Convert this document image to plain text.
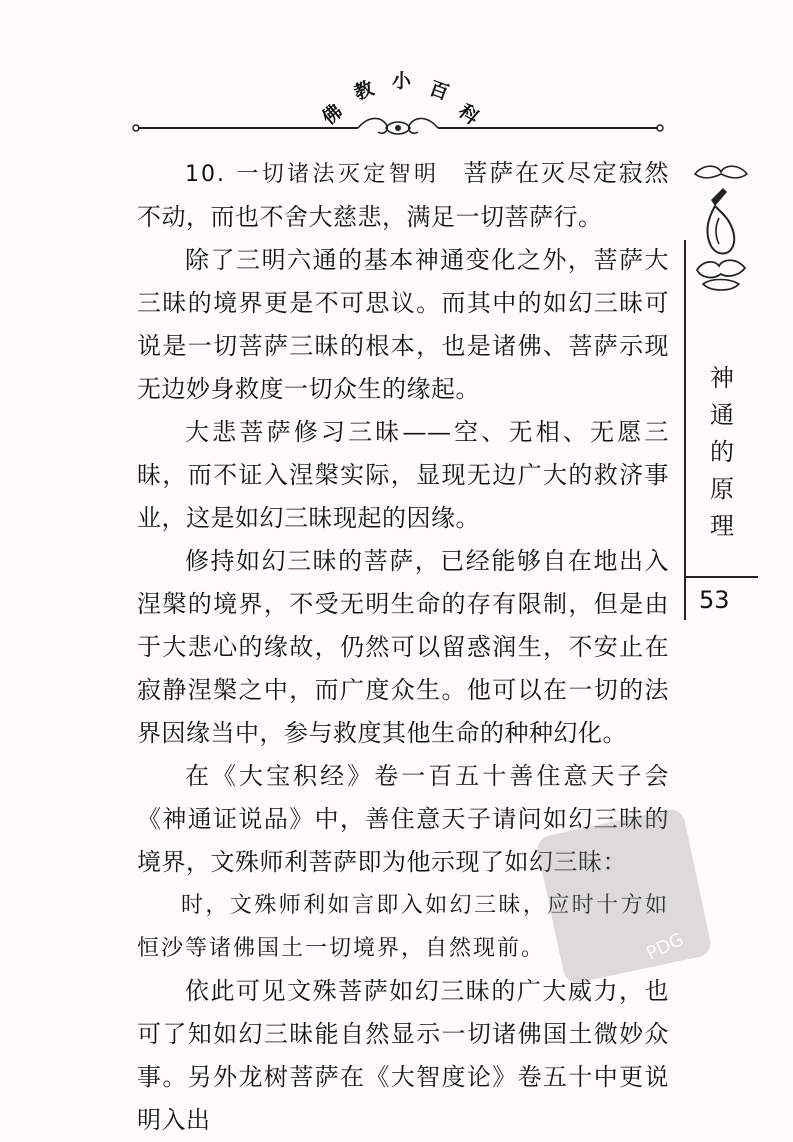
佛
教 小 百
科

10. 一切诸法灭定智明 菩萨在灭尽定寂然不动，而也不舍大慈悲，满足一切菩萨行。

除了三明六通的基本神通变化之外，菩萨大三昧的境界更是不可思议。而其中的如幻三昧可说是一切菩萨三昧的根本，也是诸佛、菩萨示现无边妙身救度一切众生的缘起。

大悲菩萨修习三昧——空、无相、无愿三昧，而不证入涅槃实际，显现无边广大的救济事业，这是如幻三昧现起的因缘。

修持如幻三昧的菩萨，已经能够自在地出入涅槃的境界，不受无明生命的存有限制，但是由于大悲心的缘故，仍然可以留惑润生，不安止在寂静涅槃之中，而广度众生。他可以在一切的法界因缘当中，参与救度其他生命的种种幻化。

在《大宝积经》卷一百五十善住意天子会《神通证说品》中，善住意天子请问如幻三昧的境界，文殊师利菩萨即为他示现了如幻三昧：

时，文殊师利如言即入如幻三昧，应时十方如恒沙等诸佛国土一切境界，自然现前。

依此可见文殊菩萨如幻三昧的广大威力，也可了知如幻三昧能自然显示一切诸佛国土微妙众事。另外龙树菩萨在《大智度论》卷五十中更说明入出

神
通
的
原
理
53
PDG
